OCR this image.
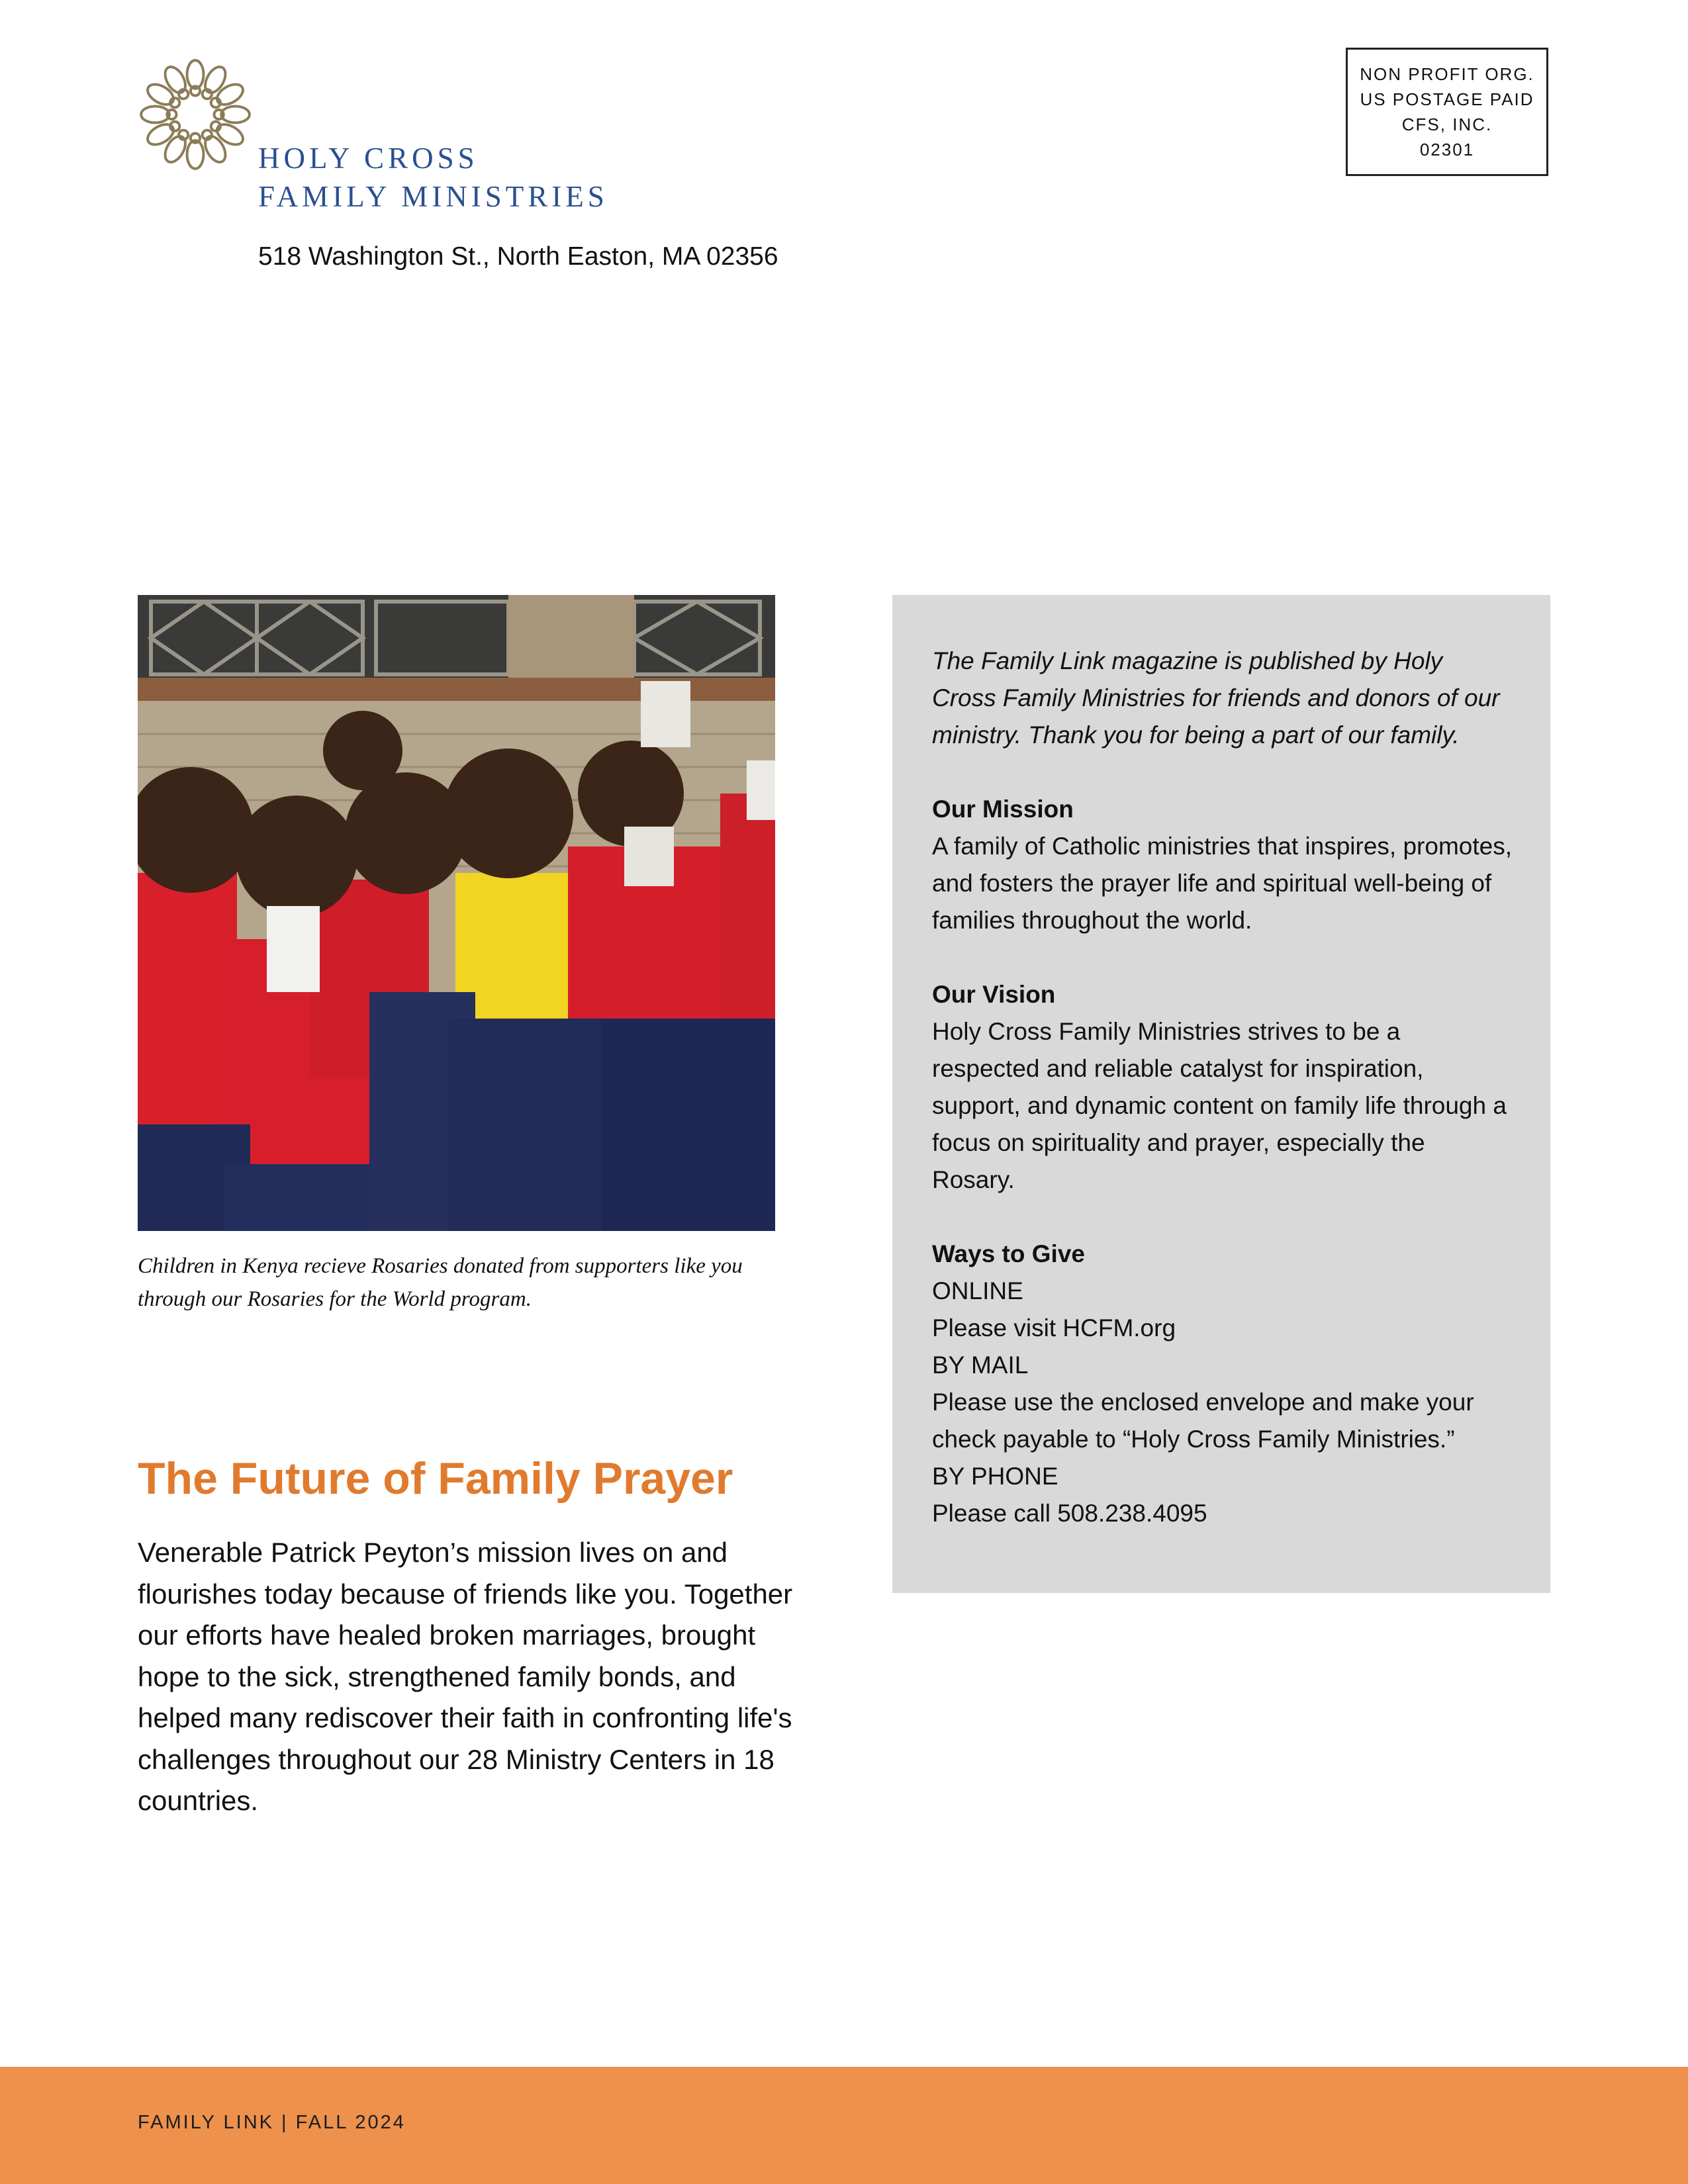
HOLY CROSS
FAMILY MINISTRIES
518 Washington St., North Easton, MA 02356
NON PROFIT ORG.
US POSTAGE PAID
CFS, INC.
02301
Children in Kenya recieve Rosaries donated from supporters like you through our Rosaries for the World program.
The Future of Family Prayer

Venerable Patrick Peyton’s mission lives on and flourishes today because of friends like you. Together our efforts have healed broken marriages, brought hope to the sick, strengthened family bonds, and helped many rediscover their faith in confronting life's challenges throughout our 28 Ministry Centers in 18 countries.

The Family Link magazine is published by Holy Cross Family Ministries for friends and donors of our ministry. Thank you for being a part of our family.

Our Mission

A family of Catholic ministries that inspires, promotes, and fosters the prayer life and spiritual well-being of families throughout the world.

Our Vision

Holy Cross Family Ministries strives to be a respected and reliable catalyst for inspiration, support, and dynamic content on family life through a focus on spirituality and prayer, especially the Rosary.

Ways to Give

ONLINE

Please visit HCFM.org

BY MAIL

Please use the enclosed envelope and make your check payable to “Holy Cross Family Ministries.”

BY PHONE

Please call 508.238.4095

FAMILY LINK | FALL 2024
